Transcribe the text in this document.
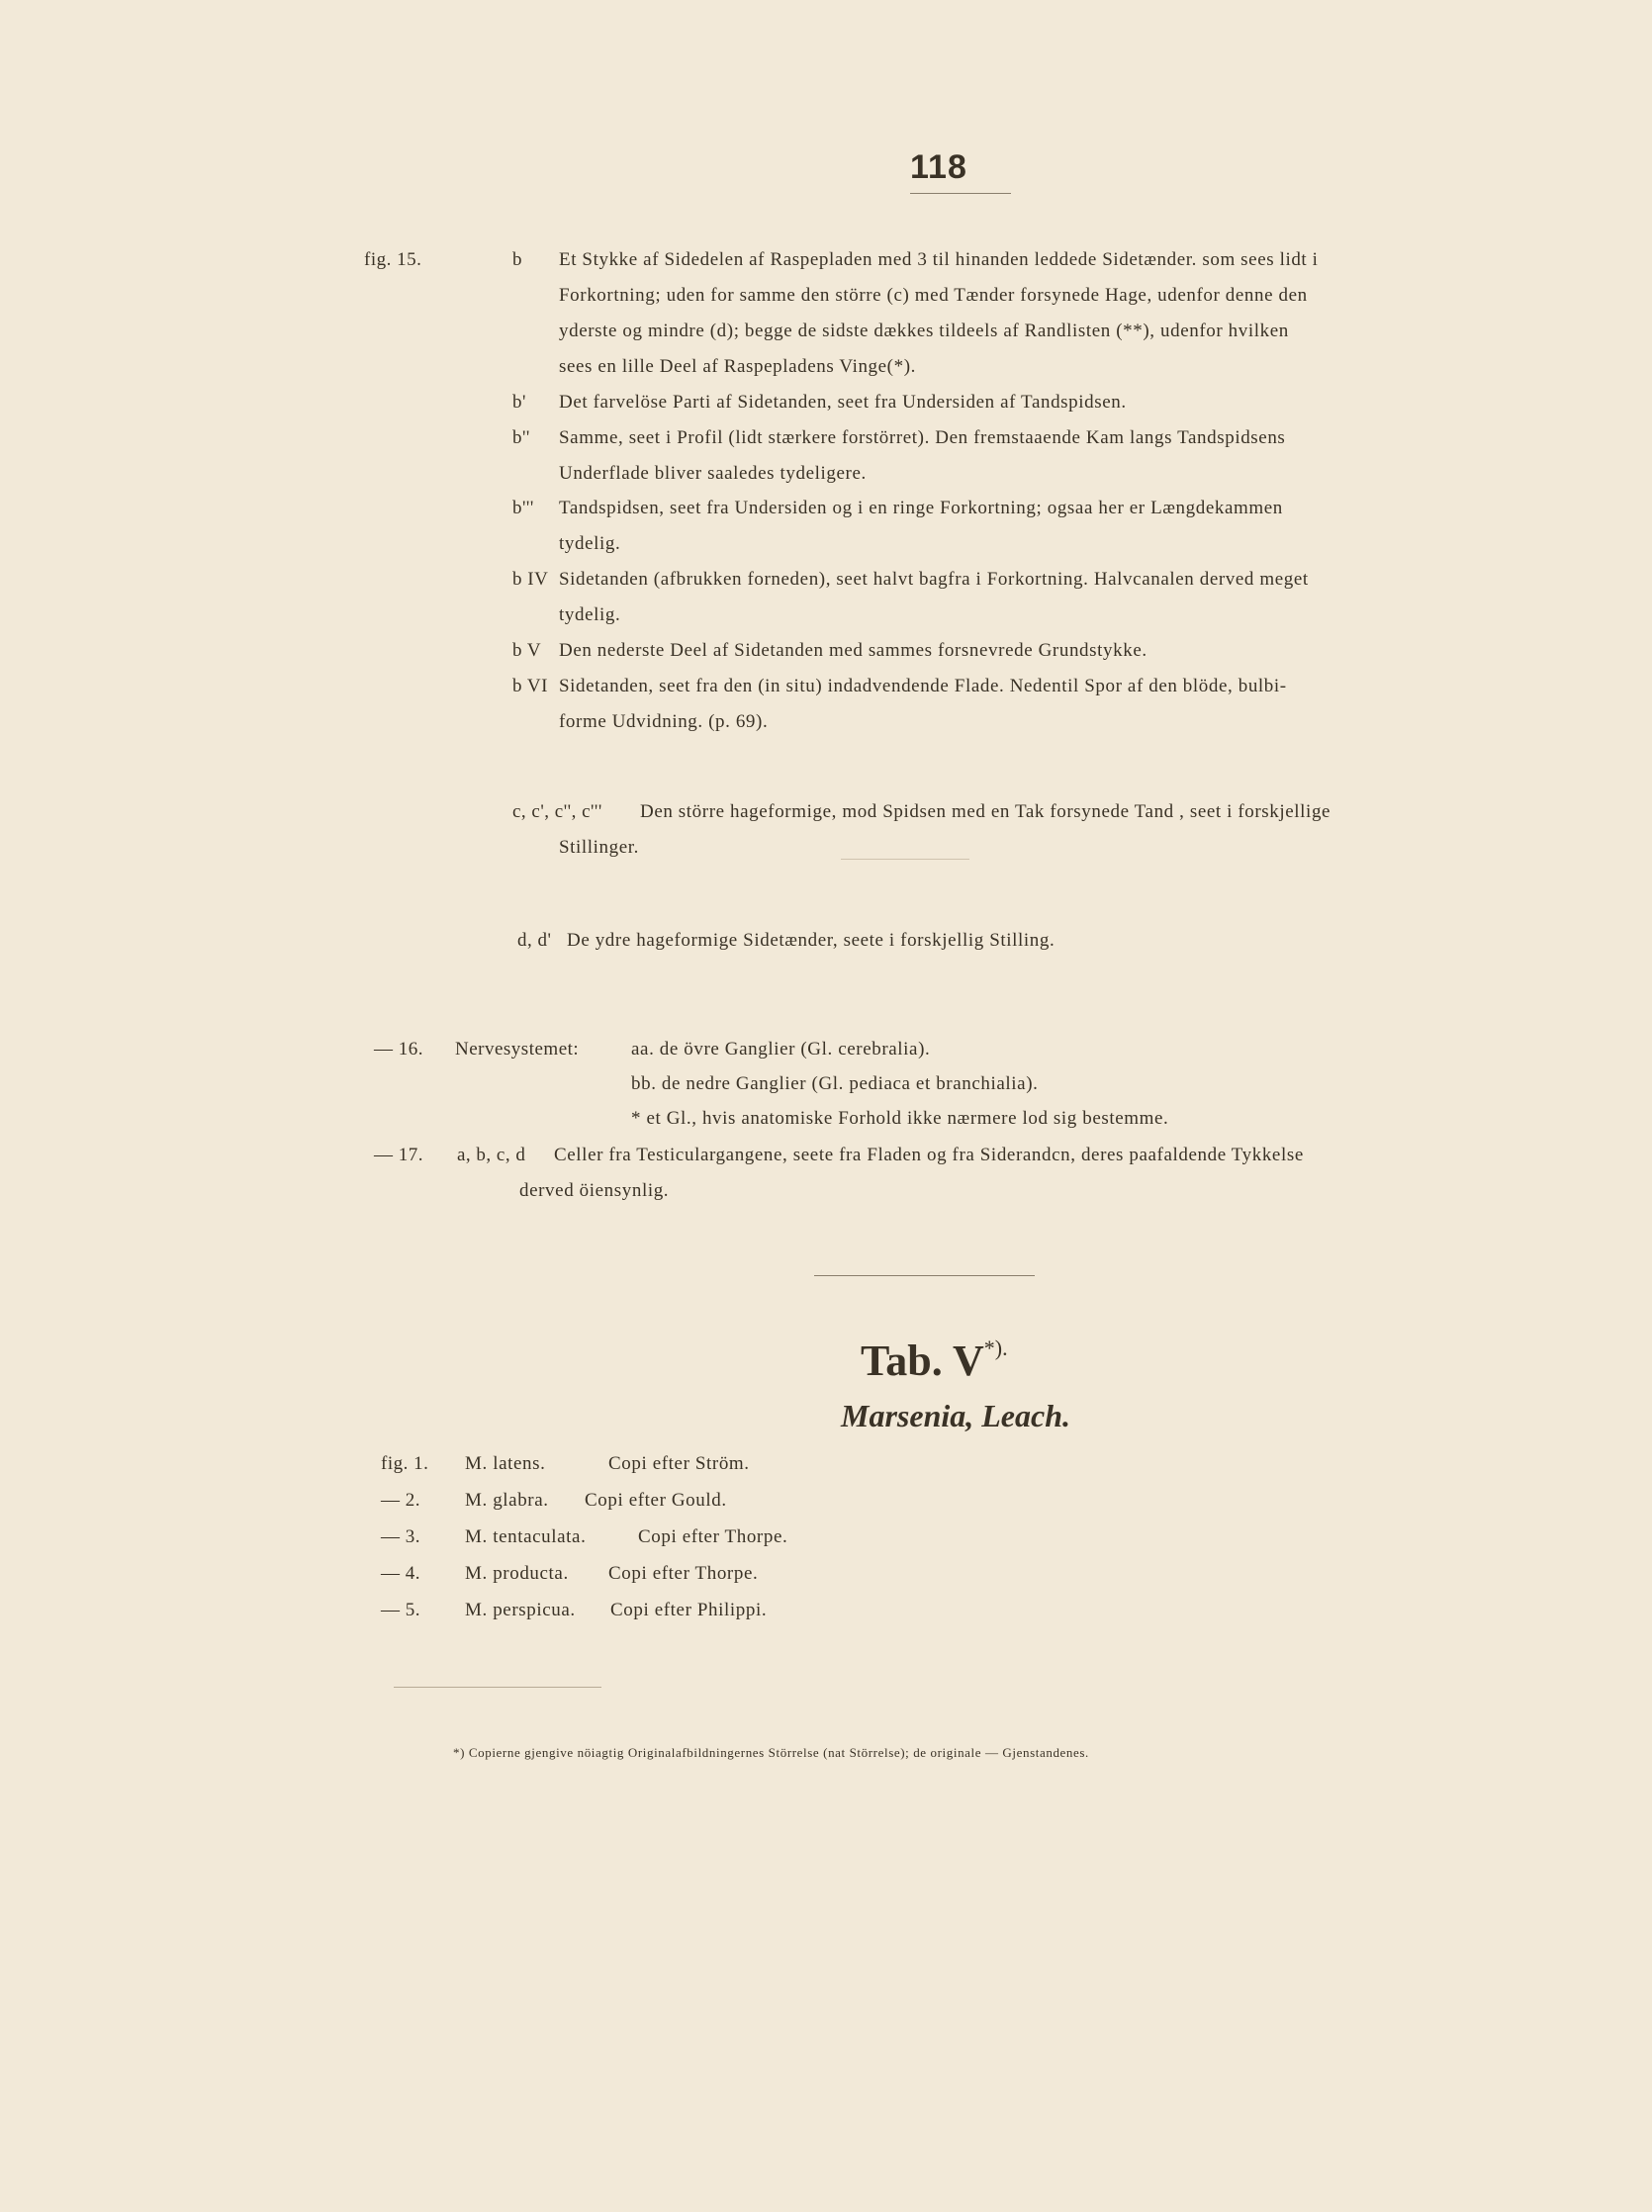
118
fig. 15.	b Et Stykke af Sidedelen af Raspepladen med 3 til hinanden leddede Sidetænder. som sees lidt i
Forkortning; uden for samme den större (c) med Tænder forsynede Hage, udenfor denne den
yderste og mindre (d); begge de sidste dækkes tildeels af Randlisten (**), udenfor hvilken
sees en lille Deel af Raspepladens Vinge(*).
b' Det farvelöse Parti af Sidetanden, seet fra Undersiden af Tandspidsen.
b'' Samme, seet i Profil (lidt stærkere forstörret). Den fremstaaende Kam langs Tandspidsens
Underflade bliver saaledes tydeligere.
b''' Tandspidsen, seet fra Undersiden og i en ringe Forkortning; ogsaa her er Længdekammen
tydelig.
b IV Sidetanden (afbrukken forneden), seet halvt bagfra i Forkortning. Halvcanalen derved meget
tydelig.
b V Den nederste Deel af Sidetanden med sammes forsnevrede Grundstykke.
b VI Sidetanden, seet fra den (in situ) indadvendende Flade. Nedentil Spor af den blöde, bulbi-
forme Udvidning. (p. 69).
c, c', c'', c''' Den större hageformige, mod Spidsen med en Tak forsynede Tand , seet i forskjellige
Stillinger.
d, d' De ydre hageformige Sidetænder, seete i forskjellig Stilling.
— 16. Nervesystemet:	aa. de övre Ganglier (Gl. cerebralia).
bb. de nedre Ganglier (Gl. pediaca et branchialia).
* et Gl., hvis anatomiske Forhold ikke nærmere lod sig bestemme.
— 17. a, b, c, d Celler fra Testiculargangene, seete fra Fladen og fra Siderandcn, deres paafaldende Tykkelse
derved öiensynlig.
Tab. V*).
Marsenia, Leach.
fig. 1. M. latens.	Copi efter Ström.
— 2. M. glabra. Copi efter Gould.
— 3. M. tentaculata.	Copi efter Thorpe.
— 4. M. producta. Copi efter Thorpe.
— 5. M. perspicua. Copi efter Philippi.
*) Copierne gjengive nöiagtig Originalafbildningernes Störrelse (nat Störrelse); de originale — Gjenstandenes.
